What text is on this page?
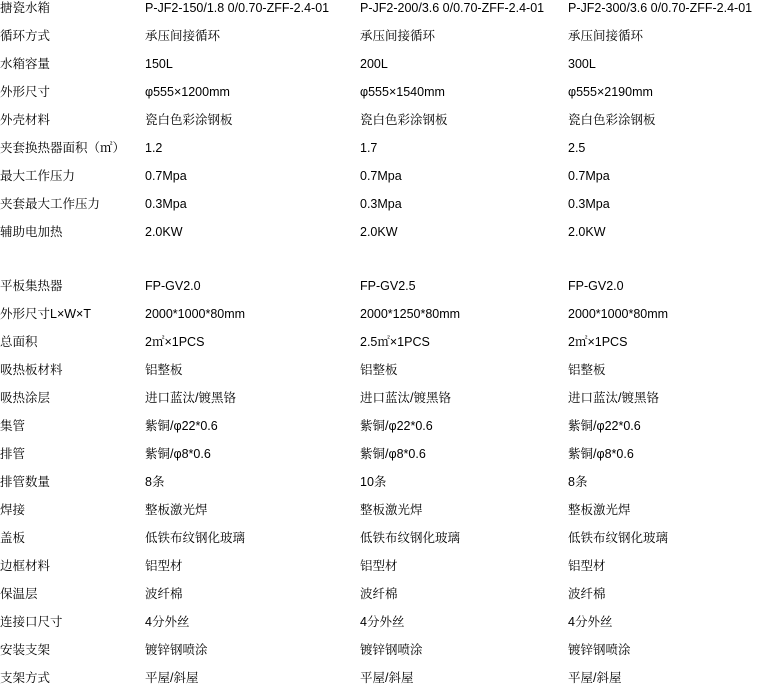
搪瓷水箱	P-JF2-150/1.8 0/0.70-ZFF-2.4-01	P-JF2-200/3.6 0/0.70-ZFF-2.4-01	P-JF2-300/3.6 0/0.70-ZFF-2.4-01

循环方式	承压间接循环	承压间接循环	承压间接循环

水箱容量	150L	200L	300L

外形尺寸	φ555×1200mm	φ555×1540mm	φ555×2190mm

外壳材料	瓷白色彩涂钢板	瓷白色彩涂钢板	瓷白色彩涂钢板

夹套换热器面积（㎡）	1.2	1.7	2.5

最大工作压力	0.7Mpa	0.7Mpa	0.7Mpa

夹套最大工作压力	0.3Mpa	0.3Mpa	0.3Mpa

辅助电加热	2.0KW	2.0KW	2.0KW

平板集热器	FP-GV2.0	FP-GV2.5	FP-GV2.0

外形尺寸L×W×T	2000*1000*80mm	2000*1250*80mm	2000*1000*80mm

总面积	2㎡×1PCS	2.5㎡×1PCS	2㎡×1PCS

吸热板材料	铝整板	铝整板	铝整板

吸热涂层	进口蓝汰/镀黑铬	进口蓝汰/镀黑铬	进口蓝汰/镀黑铬

集管	紫铜/φ22*0.6	紫铜/φ22*0.6	紫铜/φ22*0.6

排管	紫铜/φ8*0.6	紫铜/φ8*0.6	紫铜/φ8*0.6

排管数量	8条	10条	8条

焊接	整板激光焊	整板激光焊	整板激光焊

盖板	低铁布纹钢化玻璃	低铁布纹钢化玻璃	低铁布纹钢化玻璃

边框材料	铝型材	铝型材	铝型材

保温层	波纤棉	波纤棉	波纤棉

连接口尺寸	4分外丝	4分外丝	4分外丝

安装支架	镀锌钢喷涂	镀锌钢喷涂	镀锌钢喷涂

支架方式	平屋/斜屋	平屋/斜屋	平屋/斜屋
